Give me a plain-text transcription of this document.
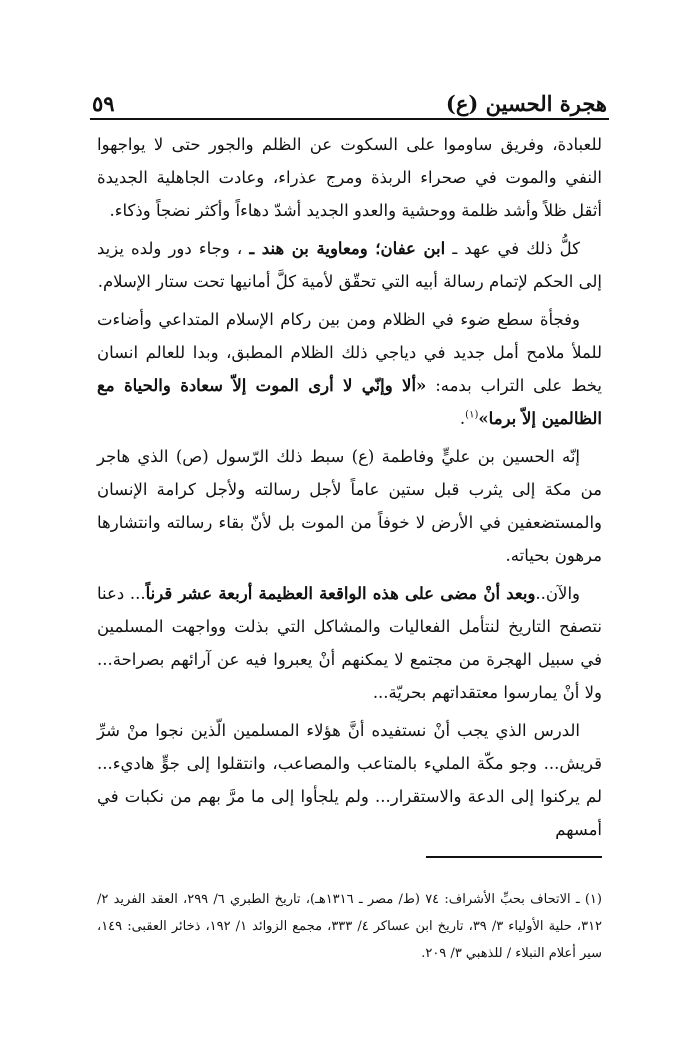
٥٩	هجرة الحسين (ع)

للعبادة، وفريق ساوموا على السكوت عن الظلم والجور حتى لا يواجهوا النفي والموت في صحراء الربذة ومرج عذراء، وعادت الجاهلية الجديدة أثقل ظلاً وأشد ظلمة ووحشية والعدو الجديد أشدّ دهاءاً وأكثر نضجاً وذكاء.

كلُّ ذلك في عهد ـ ابن عفان؛ ومعاوية بن هند ـ ، وجاء دور ولده يزيد إلى الحكم لإتمام رسالة أبيه التي تحقّق لأمية كلَّ أمانيها تحت ستار الإسلام.

وفجأة سطع ضوء في الظلام ومن بين ركام الإسلام المتداعي وأضاءت للملأ ملامح أمل جديد في دياجي ذلك الظلام المطبق، وبدا للعالم انسان يخط على التراب بدمه: «ألا وإنّي لا أرى الموت إلاّ سعادة والحياة مع الظالمين إلاّ برما»$^{(١)}$.

إنّه الحسين بن عليٍّ وفاطمة (ع) سبط ذلك الرّسول (ص) الذي هاجر من مكة إلى يثرب قبل ستين عاماً لأجل رسالته ولأجل كرامة الإنسان والمستضعفين في الأرض لا خوفاً من الموت بل لأنّ بقاء رسالته وانتشارها مرهون بحياته.

والآن..وبعد أنْ مضى على هذه الواقعة العظيمة أربعة عشر قرناً... دعنا نتصفح التاريخ لنتأمل الفعاليات والمشاكل التي بذلت وواجهت المسلمين في سبيل الهجرة من مجتمع لا يمكنهم أنْ يعبروا فيه عن آرائهم بصراحة... ولا أنْ يمارسوا معتقداتهم بحريّة...

الدرس الذي يجب أنْ نستفيده أنَّ هؤلاء المسلمين الّذين نجوا منْ شرِّ قريش... وجو مكّة المليء بالمتاعب والمصاعب، وانتقلوا إلى جوٍّ هاديء... لم يركنوا إلى الدعة والاستقرار... ولم يلجأوا إلى ما مرَّ بهم من نكبات في أمسهم

(١) ـ الاتحاف بحبِّ الأشراف: ٧٤ (ط/ مصر ـ ١٣١٦هـ)، تاريخ الطبري ٦/ ٢٩٩، العقد الفريد ٢/ ٣١٢، حلية الأولياء ٣/ ٣٩، تاريخ ابن عساكر ٤/ ٣٣٣، مجمع الزوائد ١/ ١٩٢، ذخائر العقبى: ١٤٩، سير أعلام النبلاء / للذهبي ٣/ ٢٠٩.
